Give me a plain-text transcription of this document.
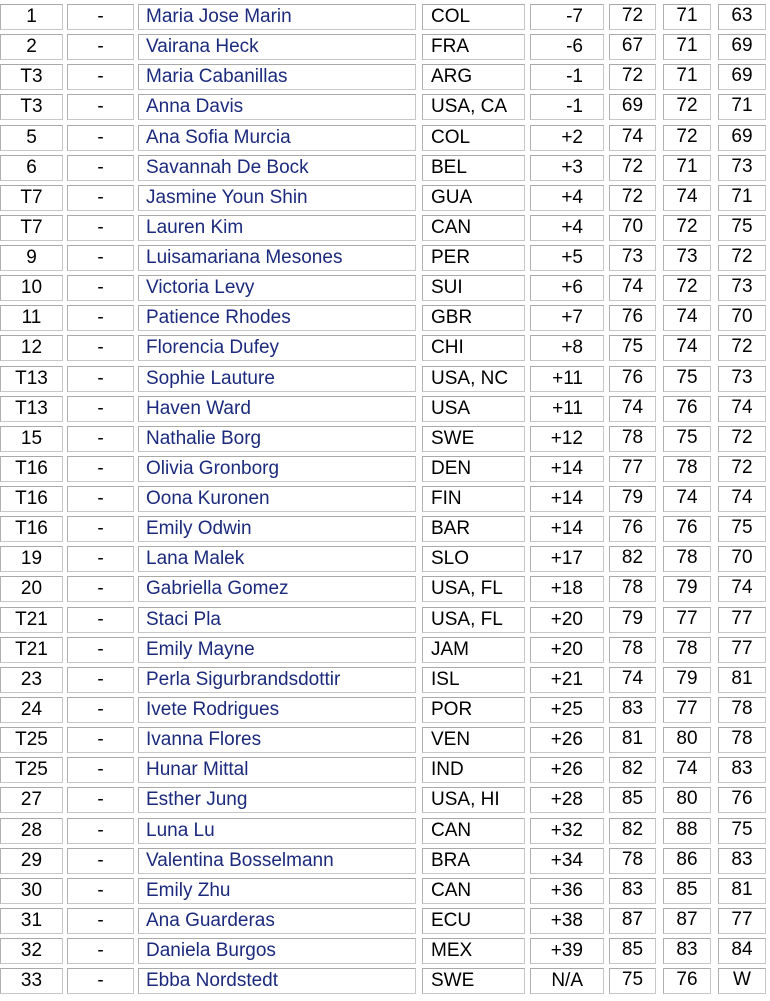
1	-	Maria Jose Marin	COL	-7	72	71	63
2	-	Vairana Heck	FRA	-6	67	71	69
T3	-	Maria Cabanillas	ARG	-1	72	71	69
T3	-	Anna Davis	USA, CA	-1	69	72	71
5	-	Ana Sofia Murcia	COL	+2	74	72	69
6	-	Savannah De Bock	BEL	+3	72	71	73
T7	-	Jasmine Youn Shin	GUA	+4	72	74	71
T7	-	Lauren Kim	CAN	+4	70	72	75
9	-	Luisamariana Mesones	PER	+5	73	73	72
10	-	Victoria Levy	SUI	+6	74	72	73
11	-	Patience Rhodes	GBR	+7	76	74	70
12	-	Florencia Dufey	CHI	+8	75	74	72
T13	-	Sophie Lauture	USA, NC	+11	76	75	73
T13	-	Haven Ward	USA	+11	74	76	74
15	-	Nathalie Borg	SWE	+12	78	75	72
T16	-	Olivia Gronborg	DEN	+14	77	78	72
T16	-	Oona Kuronen	FIN	+14	79	74	74
T16	-	Emily Odwin	BAR	+14	76	76	75
19	-	Lana Malek	SLO	+17	82	78	70
20	-	Gabriella Gomez	USA, FL	+18	78	79	74
T21	-	Staci Pla	USA, FL	+20	79	77	77
T21	-	Emily Mayne	JAM	+20	78	78	77
23	-	Perla Sigurbrandsdottir	ISL	+21	74	79	81
24	-	Ivete Rodrigues	POR	+25	83	77	78
T25	-	Ivanna Flores	VEN	+26	81	80	78
T25	-	Hunar Mittal	IND	+26	82	74	83
27	-	Esther Jung	USA, HI	+28	85	80	76
28	-	Luna Lu	CAN	+32	82	88	75
29	-	Valentina Bosselmann	BRA	+34	78	86	83
30	-	Emily Zhu	CAN	+36	83	85	81
31	-	Ana Guarderas	ECU	+38	87	87	77
32	-	Daniela Burgos	MEX	+39	85	83	84
33	-	Ebba Nordstedt	SWE	N/A	75	76	W
